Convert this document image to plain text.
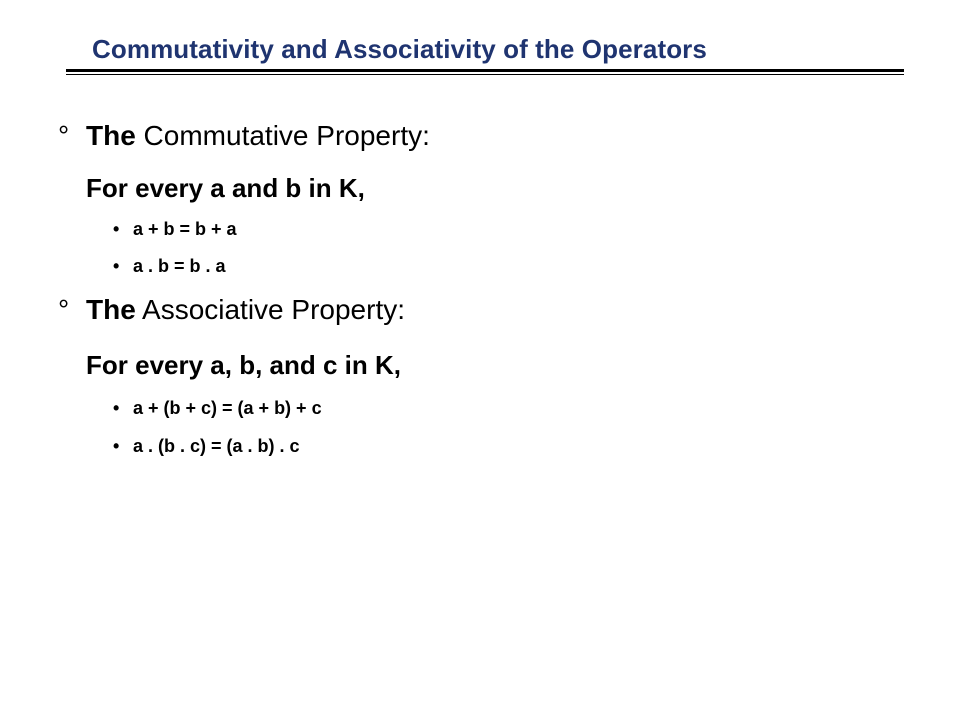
Commutativity and Associativity of the Operators
° The Commutative Property:
For every a and b in K,
• a + b = b + a
• a . b = b . a
° The Associative Property:
For every a, b, and c in K,
• a + (b + c) = (a + b) + c
• a . (b . c) = (a . b) . c
